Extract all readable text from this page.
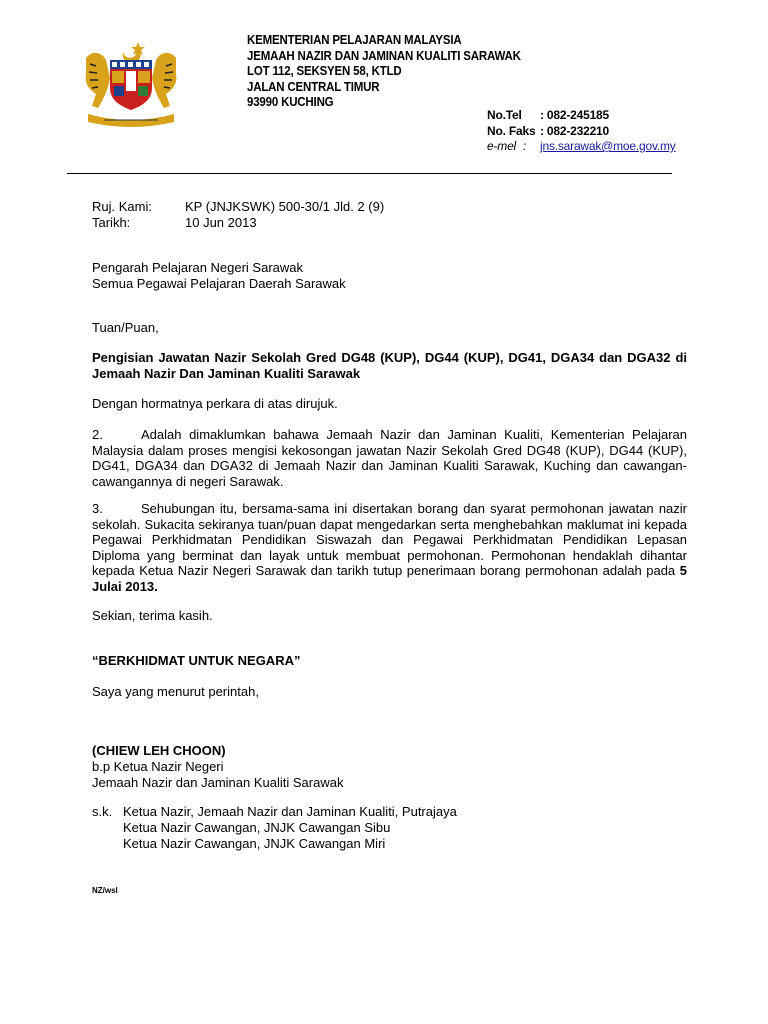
KEMENTERIAN PELAJARAN MALAYSIA
JEMAAH NAZIR DAN JAMINAN KUALITI SARAWAK
LOT 112, SEKSYEN 58, KTLD
JALAN CENTRAL TIMUR
93990 KUCHING
No.Tel : 082-245185
No. Faks : 082-232210
e-mel : jns.sarawak@moe.gov.my
Ruj. Kami:	KP (JNJKSWK) 500-30/1 Jld. 2 (9)
Tarikh:	10 Jun 2013
Pengarah Pelajaran Negeri Sarawak
Semua Pegawai Pelajaran Daerah Sarawak
Tuan/Puan,
Pengisian Jawatan Nazir Sekolah Gred DG48 (KUP), DG44 (KUP), DG41, DGA34 dan DGA32 di Jemaah Nazir Dan Jaminan Kualiti Sarawak
Dengan hormatnya perkara di atas dirujuk.
2.	Adalah dimaklumkan bahawa Jemaah Nazir dan Jaminan Kualiti, Kementerian Pelajaran Malaysia dalam proses mengisi kekosongan jawatan Nazir Sekolah Gred DG48 (KUP), DG44 (KUP), DG41, DGA34 dan DGA32 di Jemaah Nazir dan Jaminan Kualiti Sarawak, Kuching dan cawangan-cawangannya di negeri Sarawak.
3.	Sehubungan itu, bersama-sama ini disertakan borang dan syarat permohonan jawatan nazir sekolah. Sukacita sekiranya tuan/puan dapat mengedarkan serta menghebahkan maklumat ini kepada Pegawai Perkhidmatan Pendidikan Siswazah dan Pegawai Perkhidmatan Pendidikan Lepasan Diploma yang berminat dan layak untuk membuat permohonan. Permohonan hendaklah dihantar kepada Ketua Nazir Negeri Sarawak dan tarikh tutup penerimaan borang permohonan adalah pada 5 Julai 2013.
Sekian, terima kasih.
“BERKHIDMAT UNTUK NEGARA”
Saya yang menurut perintah,
(CHIEW LEH CHOON)
b.p Ketua Nazir Negeri
Jemaah Nazir dan Jaminan Kualiti Sarawak
s.k. Ketua Nazir, Jemaah Nazir dan Jaminan Kualiti, Putrajaya
Ketua Nazir Cawangan, JNJK Cawangan Sibu
Ketua Nazir Cawangan, JNJK Cawangan Miri
NZ/wsl
